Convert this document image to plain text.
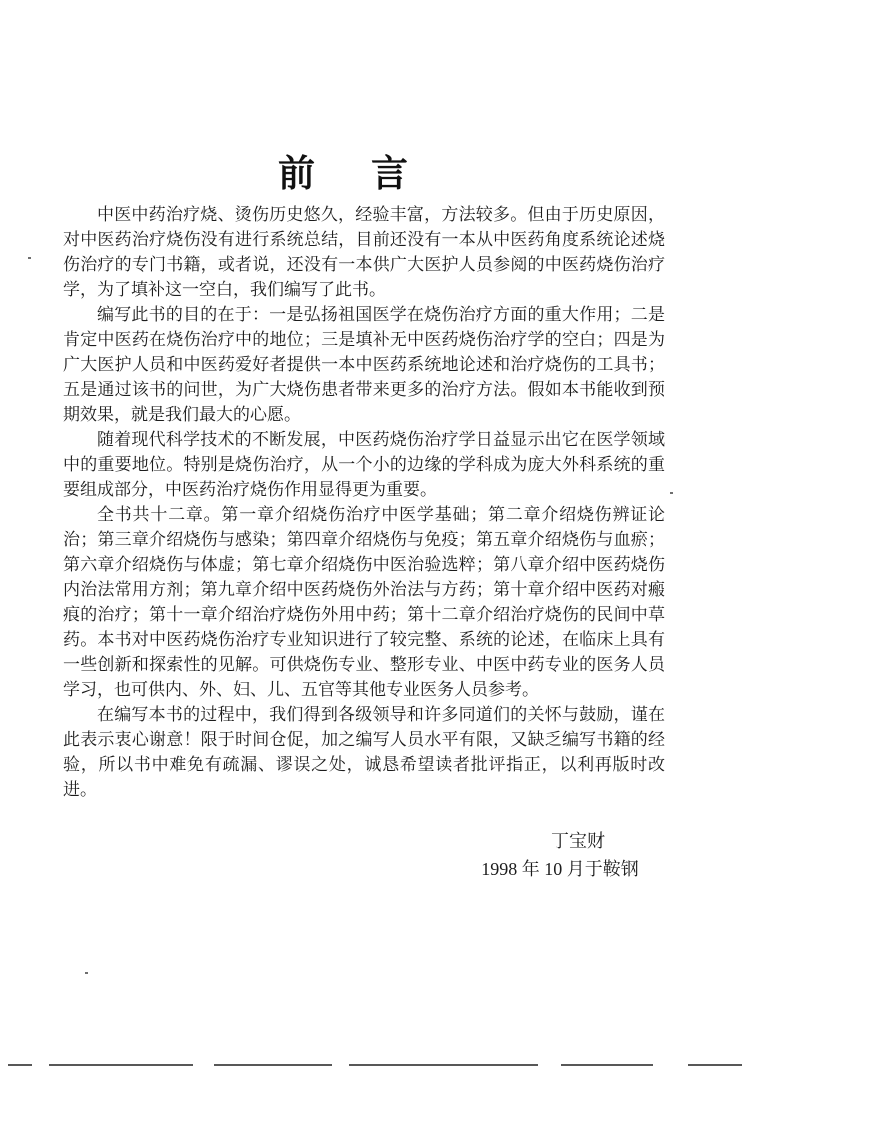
前 言

中医中药治疗烧、烫伤历史悠久，经验丰富，方法较多。但由于历史原因，对中医药治疗烧伤没有进行系统总结，目前还没有一本从中医药角度系统论述烧伤治疗的专门书籍，或者说，还没有一本供广大医护人员参阅的中医药烧伤治疗学，为了填补这一空白，我们编写了此书。

编写此书的目的在于：一是弘扬祖国医学在烧伤治疗方面的重大作用；二是肯定中医药在烧伤治疗中的地位；三是填补无中医药烧伤治疗学的空白；四是为广大医护人员和中医药爱好者提供一本中医药系统地论述和治疗烧伤的工具书；五是通过该书的问世，为广大烧伤患者带来更多的治疗方法。假如本书能收到预期效果，就是我们最大的心愿。

随着现代科学技术的不断发展，中医药烧伤治疗学日益显示出它在医学领域中的重要地位。特别是烧伤治疗，从一个小的边缘的学科成为庞大外科系统的重要组成部分，中医药治疗烧伤作用显得更为重要。

全书共十二章。第一章介绍烧伤治疗中医学基础；第二章介绍烧伤辨证论治；第三章介绍烧伤与感染；第四章介绍烧伤与免疫；第五章介绍烧伤与血瘀；第六章介绍烧伤与体虚；第七章介绍烧伤中医治验选粹；第八章介绍中医药烧伤内治法常用方剂；第九章介绍中医药烧伤外治法与方药；第十章介绍中医药对瘢痕的治疗；第十一章介绍治疗烧伤外用中药；第十二章介绍治疗烧伤的民间中草药。本书对中医药烧伤治疗专业知识进行了较完整、系统的论述，在临床上具有一些创新和探索性的见解。可供烧伤专业、整形专业、中医中药专业的医务人员学习，也可供内、外、妇、儿、五官等其他专业医务人员参考。

在编写本书的过程中，我们得到各级领导和许多同道们的关怀与鼓励，谨在此表示衷心谢意！限于时间仓促，加之编写人员水平有限，又缺乏编写书籍的经验，所以书中难免有疏漏、谬误之处，诚恳希望读者批评指正，以利再版时改进。

丁宝财
1998 年 10 月于鞍钢
